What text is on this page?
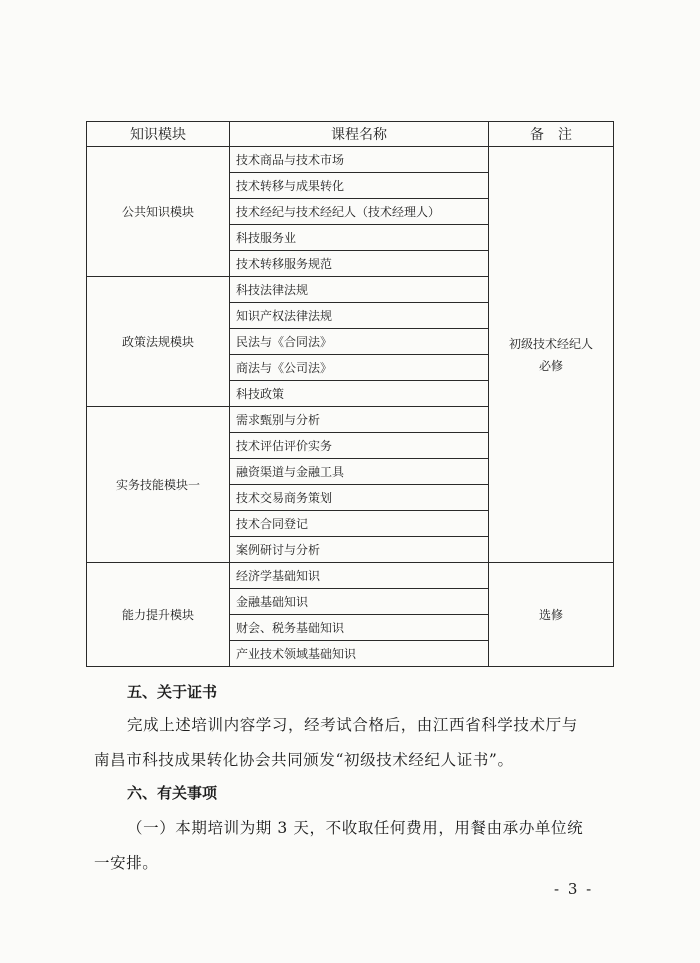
知识模块	课程名称	备　注
公共知识模块	技术商品与技术市场	初级技术经纪人必修
	技术转移与成果转化	
	技术经纪与技术经纪人（技术经理人）	
	科技服务业	
	技术转移服务规范	
政策法规模块	科技法律法规	
	知识产权法律法规	
	民法与《合同法》	
	商法与《公司法》	
	科技政策	
实务技能模块一	需求甄别与分析	
	技术评估评价实务	
	融资渠道与金融工具	
	技术交易商务策划	
	技术合同登记	
	案例研讨与分析	
能力提升模块	经济学基础知识	选修
	金融基础知识	
	财会、税务基础知识	
	产业技术领域基础知识	
五、关于证书
完成上述培训内容学习，经考试合格后，由江西省科学技术厅与
南昌市科技成果转化协会共同颁发“初级技术经纪人证书”。
六、有关事项
（一）本期培训为期 3 天，不收取任何费用，用餐由承办单位统
一安排。
- 3 -
